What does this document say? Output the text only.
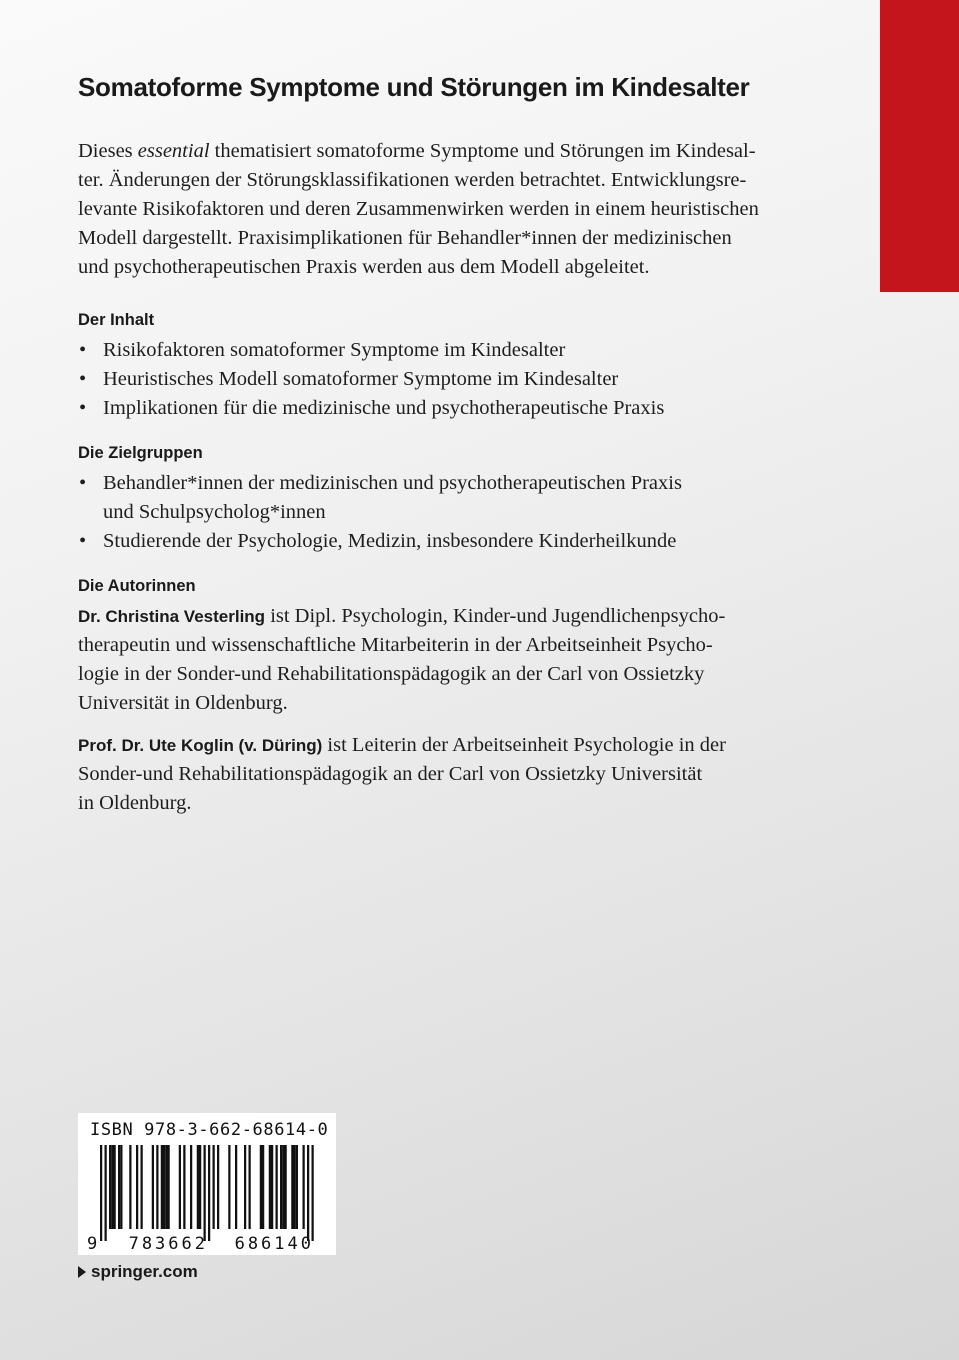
Somatoforme Symptome und Störungen im Kindesalter

Dieses essential thematisiert somatoforme Symptome und Störungen im Kindesal-

ter. Änderungen der Störungsklassifikationen werden betrachtet. Entwicklungsre-

levante Risikofaktoren und deren Zusammenwirken werden in einem heuristischen

Modell dargestellt. Praxisimplikationen für Behandler*innen der medizinischen

und psychotherapeutischen Praxis werden aus dem Modell abgeleitet.

Der Inhalt
• Risikofaktoren somatoformer Symptome im Kindesalter
• Heuristisches Modell somatoformer Symptome im Kindesalter
• Implikationen für die medizinische und psychotherapeutische Praxis
Die Zielgruppen
• Behandler*innen der medizinischen und psychotherapeutischen Praxis
und Schulpsycholog*innen
• Studierende der Psychologie, Medizin, insbesondere Kinderheilkunde
Die Autorinnen
Dr. Christina Vesterling ist Dipl. Psychologin, Kinder-und Jugendlichenpsycho-
therapeutin und wissenschaftliche Mitarbeiterin in der Arbeitseinheit Psycho-
logie in der Sonder-und Rehabilitationspädagogik an der Carl von Ossietzky
Universität in Oldenburg.
Prof. Dr. Ute Koglin (v. Düring) ist Leiterin der Arbeitseinheit Psychologie in der
Sonder-und Rehabilitationspädagogik an der Carl von Ossietzky Universität
in Oldenburg.
ISBN 978-3-662-68614-0
9 783662 686140
springer.com
